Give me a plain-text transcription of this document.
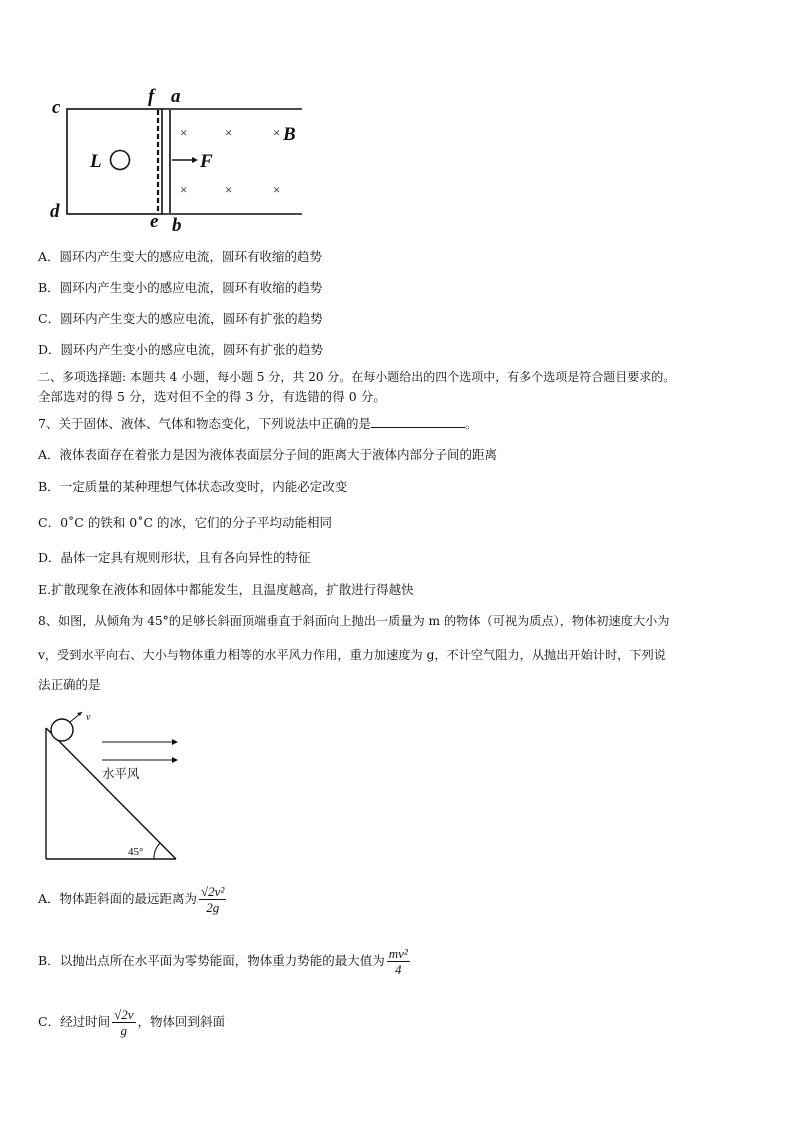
×	×	×
×	×	×
c
f a
d	e b
B
L	F
A．圆环内产生变大的感应电流，圆环有收缩的趋势
B．圆环内产生变小的感应电流，圆环有收缩的趋势
C．圆环内产生变大的感应电流，圆环有扩张的趋势
D．圆环内产生变小的感应电流，圆环有扩张的趋势
二、多项选择题: 本题共 4 小题，每小题 5 分，共 20 分。在每小题给出的四个选项中，有多个选项是符合题目要求的。
全部选对的得 5 分，选对但不全的得 3 分，有选错的得 0 分。
7、关于固体、液体、气体和物态变化，下列说法中正确的是	。
A．液体表面存在着张力是因为液体表面层分子间的距离大于液体内部分子间的距离
B．一定质量的某种理想气体状态改变时，内能必定改变
C．0˚C 的铁和 0˚C 的冰，它们的分子平均动能相同
D．晶体一定具有规则形状，且有各向异性的特征
E.扩散现象在液体和固体中都能发生，且温度越高，扩散进行得越快
8、如图，从倾角为 45°的足够长斜面顶端垂直于斜面向上抛出一质量为 m 的物体（可视为质点），物体初速度大小为
v，受到水平向右、大小与物体重力相等的水平风力作用，重力加速度为 g，不计空气阻力，从抛出开始计时，下列说
法正确的是
v
水平风
45°
A．物体距斜面的最远距离为 $\frac{\text{√2v²}}{2g}$
B．以抛出点所在水平面为零势能面，物体重力势能的最大值为 $\frac{\text{mv²}}{4}$
C．经过时间 $\frac{√2v}{g}$ ，物体回到斜面
